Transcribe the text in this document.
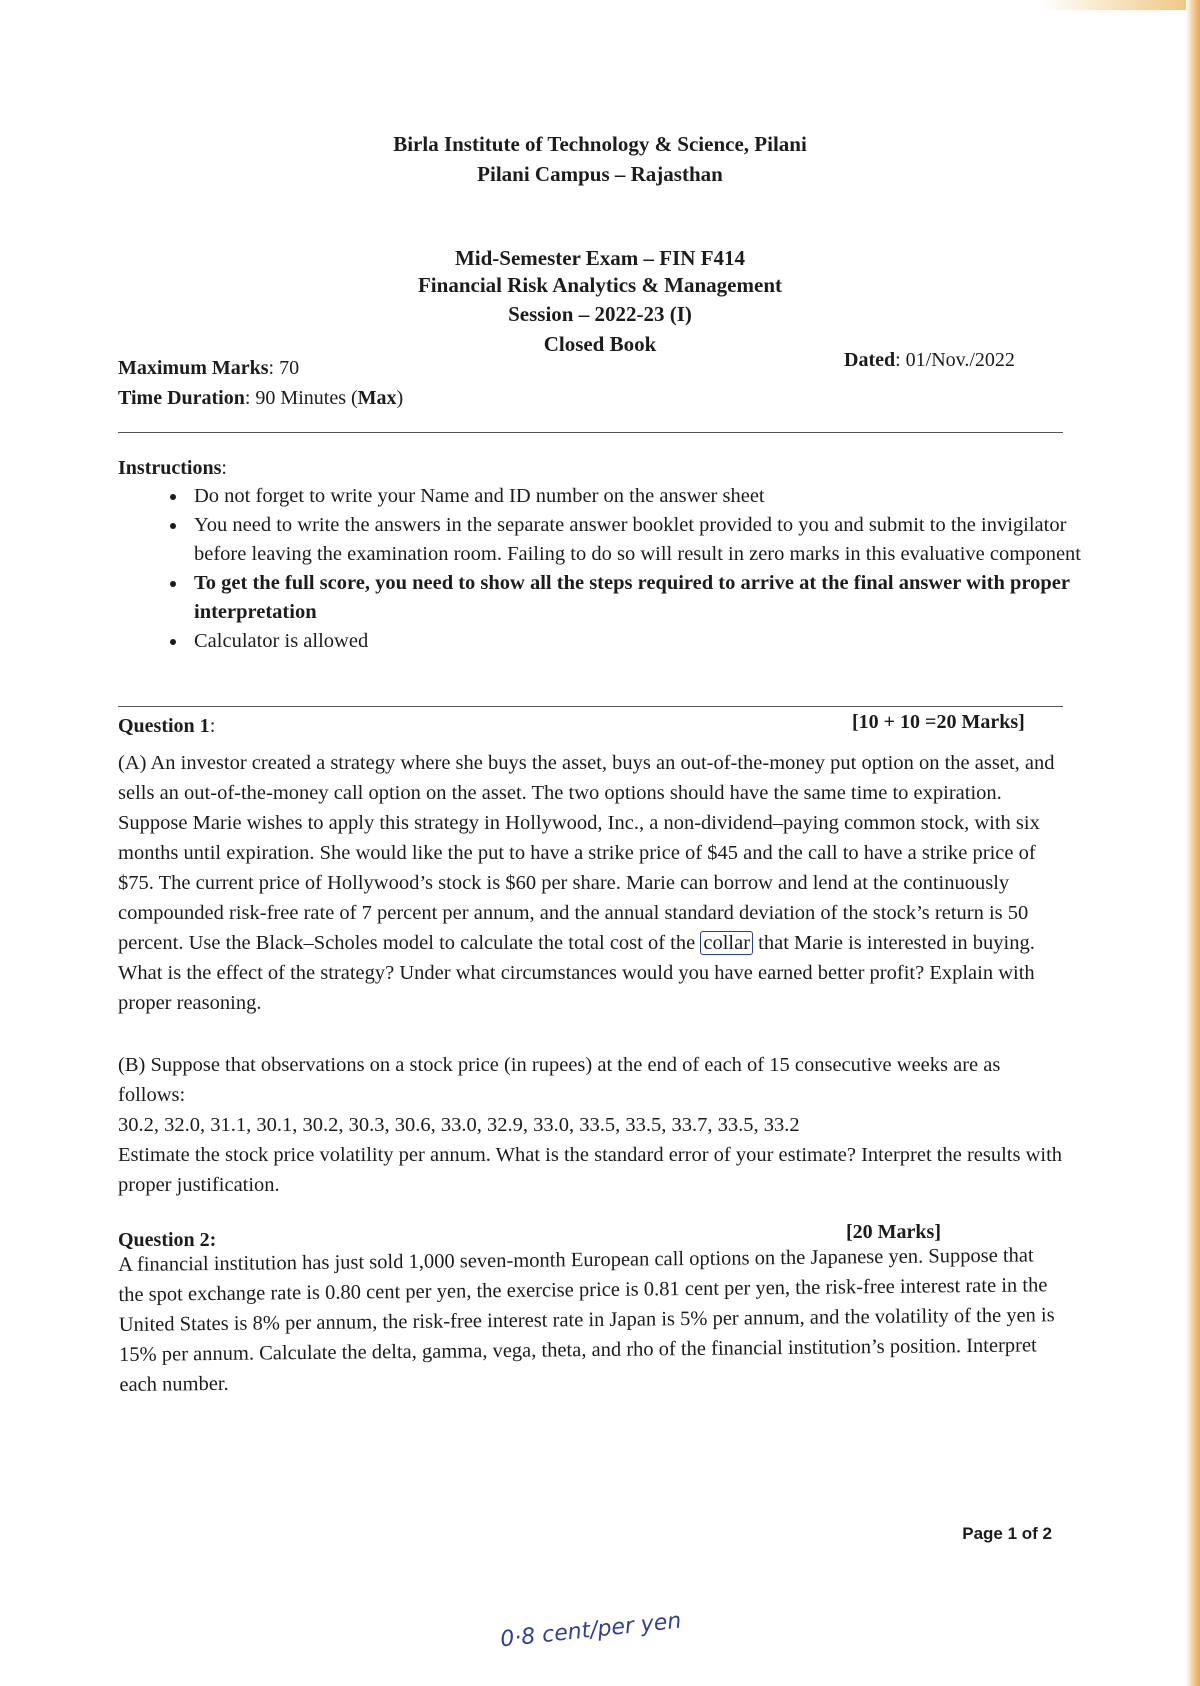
Birla Institute of Technology & Science, Pilani
Pilani Campus – Rajasthan
Mid-Semester Exam – FIN F414
Financial Risk Analytics & Management
Session – 2022-23 (I)
Closed Book
Maximum Marks: 70
Time Duration: 90 Minutes (Max)
Dated: 01/Nov./2022
Instructions:
• Do not forget to write your Name and ID number on the answer sheet
• You need to write the answers in the separate answer booklet provided to you and submit to the invigilator before leaving the examination room. Failing to do so will result in zero marks in this evaluative component
• To get the full score, you need to show all the steps required to arrive at the final answer with proper interpretation
• Calculator is allowed
Question 1:	[10 + 10 =20 Marks]

(A) An investor created a strategy where she buys the asset, buys an out-of-the-money put option on the asset, and sells an out-of-the-money call option on the asset. The two options should have the same time to expiration. Suppose Marie wishes to apply this strategy in Hollywood, Inc., a non-dividend–paying common stock, with six months until expiration. She would like the put to have a strike price of $45 and the call to have a strike price of $75. The current price of Hollywood’s stock is $60 per share. Marie can borrow and lend at the continuously compounded risk-free rate of 7 percent per annum, and the annual standard deviation of the stock’s return is 50 percent. Use the Black–Scholes model to calculate the total cost of the collar that Marie is interested in buying. What is the effect of the strategy? Under what circumstances would you have earned better profit? Explain with proper reasoning.

(B) Suppose that observations on a stock price (in rupees) at the end of each of 15 consecutive weeks are as follows:

30.2, 32.0, 31.1, 30.1, 30.2, 30.3, 30.6, 33.0, 32.9, 33.0, 33.5, 33.5, 33.7, 33.5, 33.2

Estimate the stock price volatility per annum. What is the standard error of your estimate? Interpret the results with proper justification.

Question 2:	[20 Marks]

A financial institution has just sold 1,000 seven-month European call options on the Japanese yen. Suppose that the spot exchange rate is 0.80 cent per yen, the exercise price is 0.81 cent per yen, the risk-free interest rate in the United States is 8% per annum, the risk-free interest rate in Japan is 5% per annum, and the volatility of the yen is 15% per annum. Calculate the delta, gamma, vega, theta, and rho of the financial institution’s position. Interpret each number.

0·8 cent/per yen
Page 1 of 2
